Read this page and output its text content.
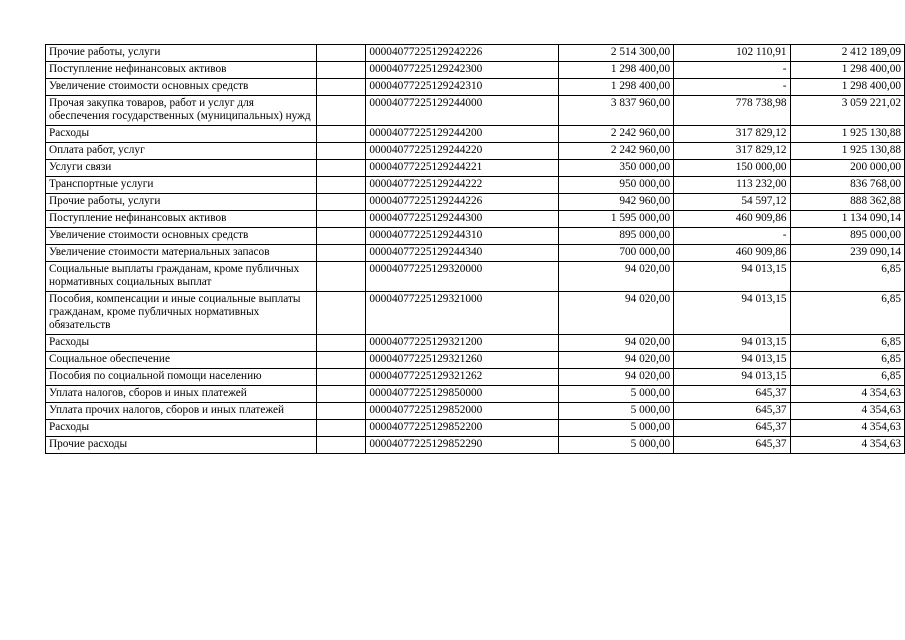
Прочие работы, услуги		00004077225129242226	2 514 300,00	102 110,91	2 412 189,09
Поступление нефинансовых активов		00004077225129242300	1 298 400,00	-	1 298 400,00
Увеличение стоимости основных средств		00004077225129242310	1 298 400,00	-	1 298 400,00
Прочая закупка товаров, работ и услуг для обеспечения государственных (муниципальных) нужд		00004077225129244000	3 837 960,00	778 738,98	3 059 221,02
Расходы		00004077225129244200	2 242 960,00	317 829,12	1 925 130,88
Оплата работ, услуг		00004077225129244220	2 242 960,00	317 829,12	1 925 130,88
Услуги связи		00004077225129244221	350 000,00	150 000,00	200 000,00
Транспортные услуги		00004077225129244222	950 000,00	113 232,00	836 768,00
Прочие работы, услуги		00004077225129244226	942 960,00	54 597,12	888 362,88
Поступление нефинансовых активов		00004077225129244300	1 595 000,00	460 909,86	1 134 090,14
Увеличение стоимости основных средств		00004077225129244310	895 000,00	-	895 000,00
Увеличение стоимости материальных запасов		00004077225129244340	700 000,00	460 909,86	239 090,14
Социальные выплаты гражданам, кроме публичных нормативных социальных выплат		00004077225129320000	94 020,00	94 013,15	6,85
Пособия, компенсации и иные социальные выплаты гражданам, кроме публичных нормативных обязательств		00004077225129321000	94 020,00	94 013,15	6,85
Расходы		00004077225129321200	94 020,00	94 013,15	6,85
Социальное обеспечение		00004077225129321260	94 020,00	94 013,15	6,85
Пособия по социальной помощи населению		00004077225129321262	94 020,00	94 013,15	6,85
Уплата налогов, сборов и иных платежей		00004077225129850000	5 000,00	645,37	4 354,63
Уплата прочих налогов, сборов и иных платежей		00004077225129852000	5 000,00	645,37	4 354,63
Расходы		00004077225129852200	5 000,00	645,37	4 354,63
Прочие расходы		00004077225129852290	5 000,00	645,37	4 354,63
